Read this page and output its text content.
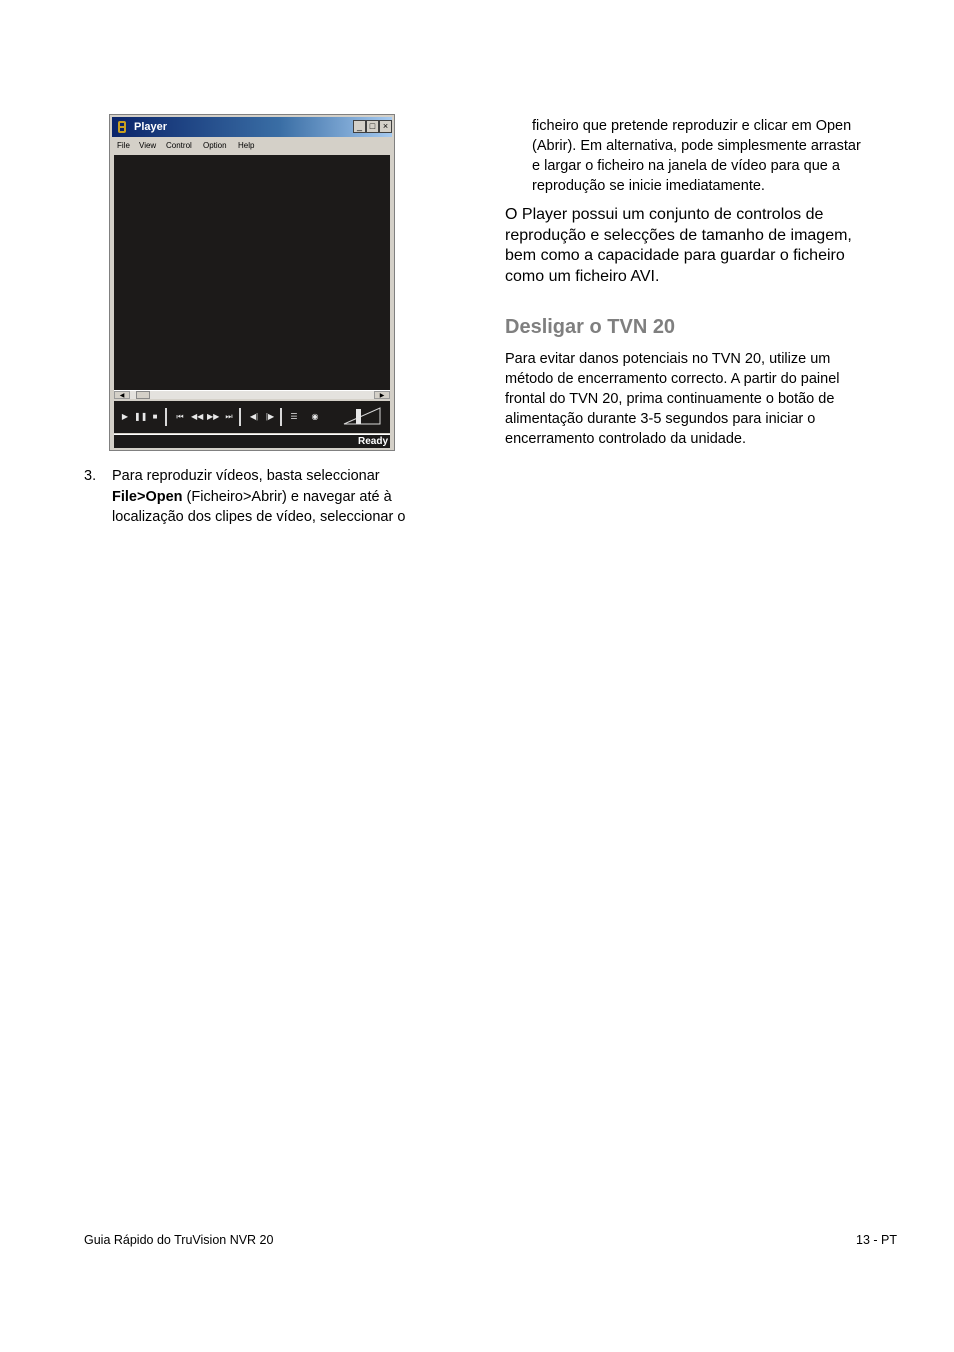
Player	_ □ ×
File View Control Option Help
◀	▶
▶ ❚❚ ■	⏮ ◀◀ ▶▶ ⏭	◀| |▶	☰	◉
Ready
3. Para reproduzir vídeos, basta seleccionar
File>Open (Ficheiro>Abrir) e navegar até à
localização dos clipes de vídeo, seleccionar o
ficheiro que pretende reproduzir e clicar em Open
(Abrir). Em alternativa, pode simplesmente arrastar
e largar o ficheiro na janela de vídeo para que a
reprodução se inicie imediatamente.
O Player possui um conjunto de controlos de
reprodução e selecções de tamanho de imagem,
bem como a capacidade para guardar o ficheiro
como um ficheiro AVI.
Desligar o TVN 20
Para evitar danos potenciais no TVN 20, utilize um
método de encerramento correcto. A partir do painel
frontal do TVN 20, prima continuamente o botão de
alimentação durante 3-5 segundos para iniciar o
encerramento controlado da unidade.
Guia Rápido do TruVision NVR 20	13 - PT
